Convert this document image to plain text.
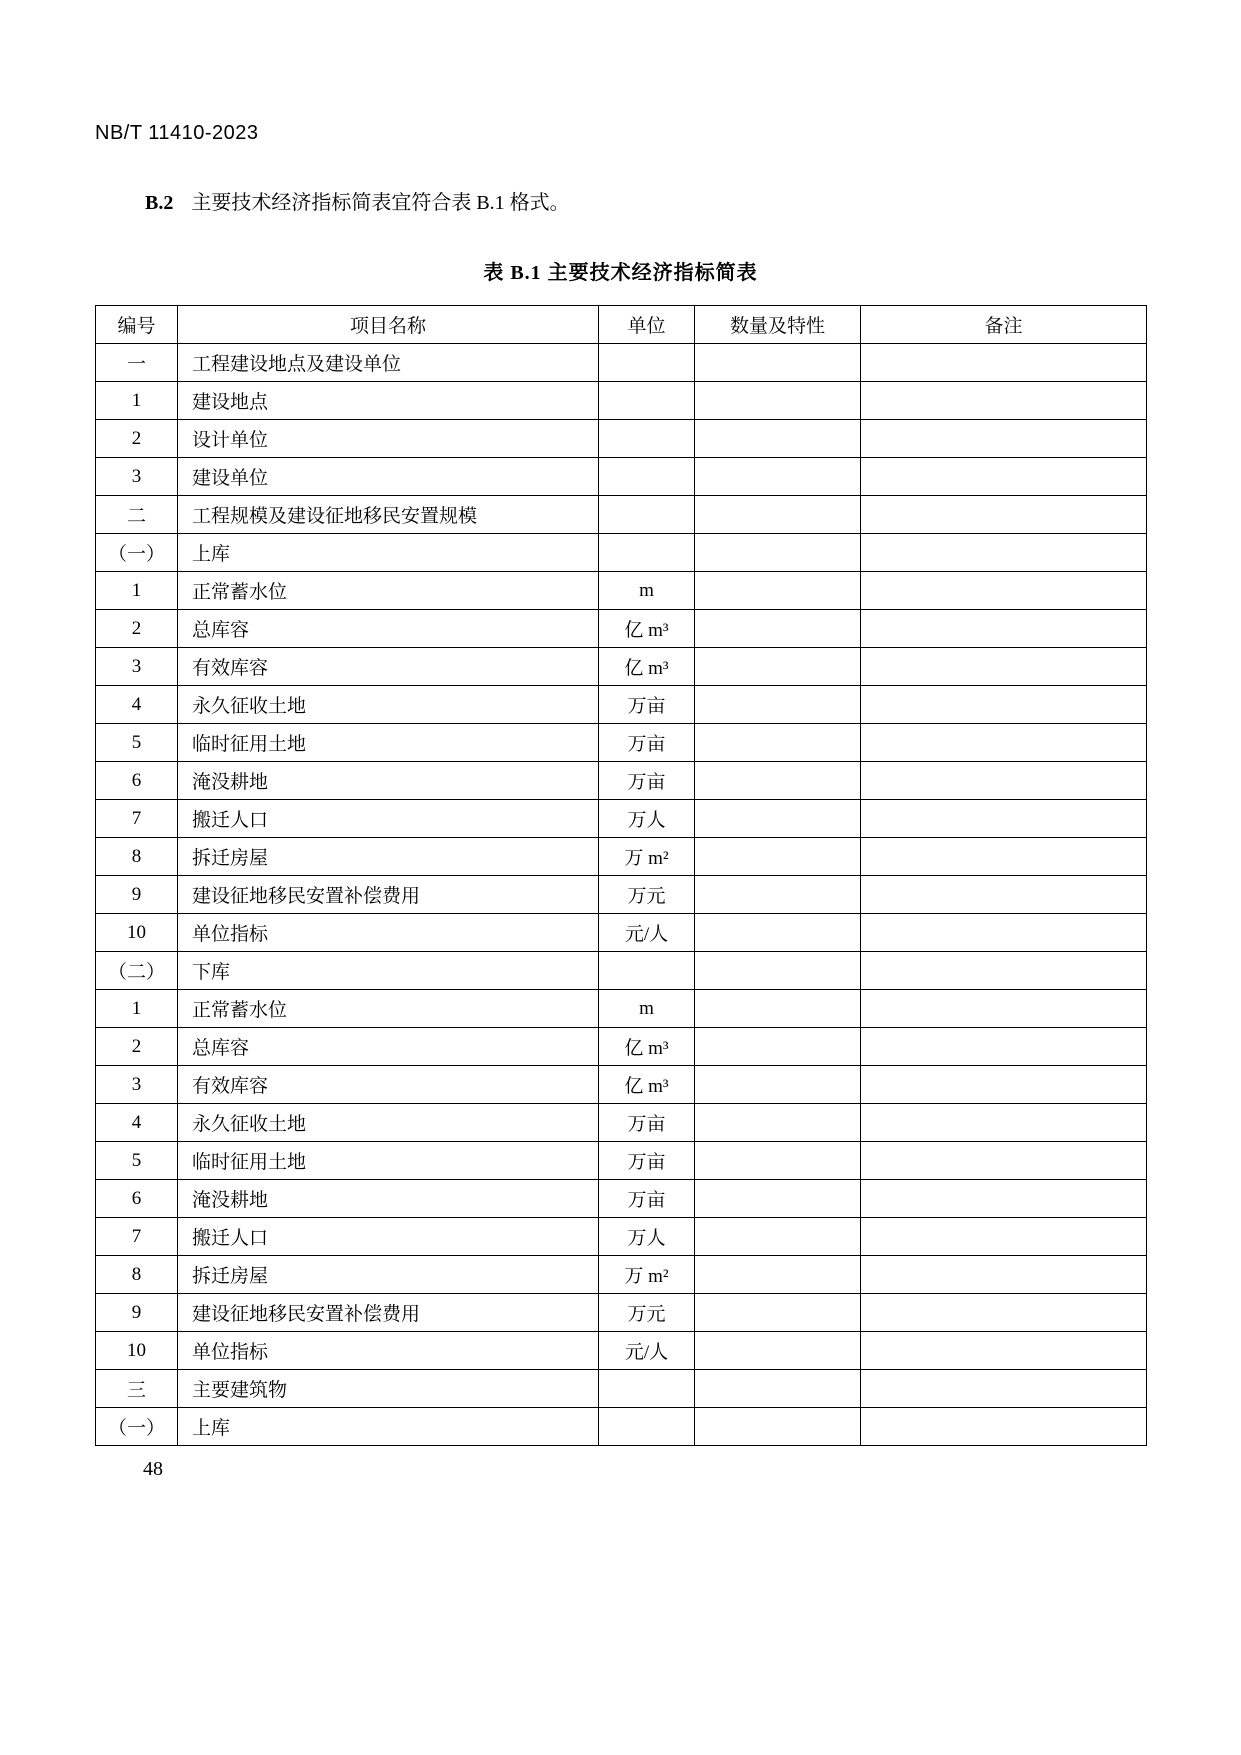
NB/T 11410-2023
B.2 主要技术经济指标简表宜符合表 B.1 格式。
表 B.1 主要技术经济指标简表
编号	项目名称	单位	数量及特性	备注
一	工程建设地点及建设单位			
1	建设地点			
2	设计单位			
3	建设单位			
二	工程规模及建设征地移民安置规模			
（一）	上库			
1	正常蓄水位	m		
2	总库容	亿 m³		
3	有效库容	亿 m³		
4	永久征收土地	万亩		
5	临时征用土地	万亩		
6	淹没耕地	万亩		
7	搬迁人口	万人		
8	拆迁房屋	万 m²		
9	建设征地移民安置补偿费用	万元		
10	单位指标	元/人		
（二）	下库			
1	正常蓄水位	m		
2	总库容	亿 m³		
3	有效库容	亿 m³		
4	永久征收土地	万亩		
5	临时征用土地	万亩		
6	淹没耕地	万亩		
7	搬迁人口	万人		
8	拆迁房屋	万 m²		
9	建设征地移民安置补偿费用	万元		
10	单位指标	元/人		
三	主要建筑物			
（一）	上库			
48
